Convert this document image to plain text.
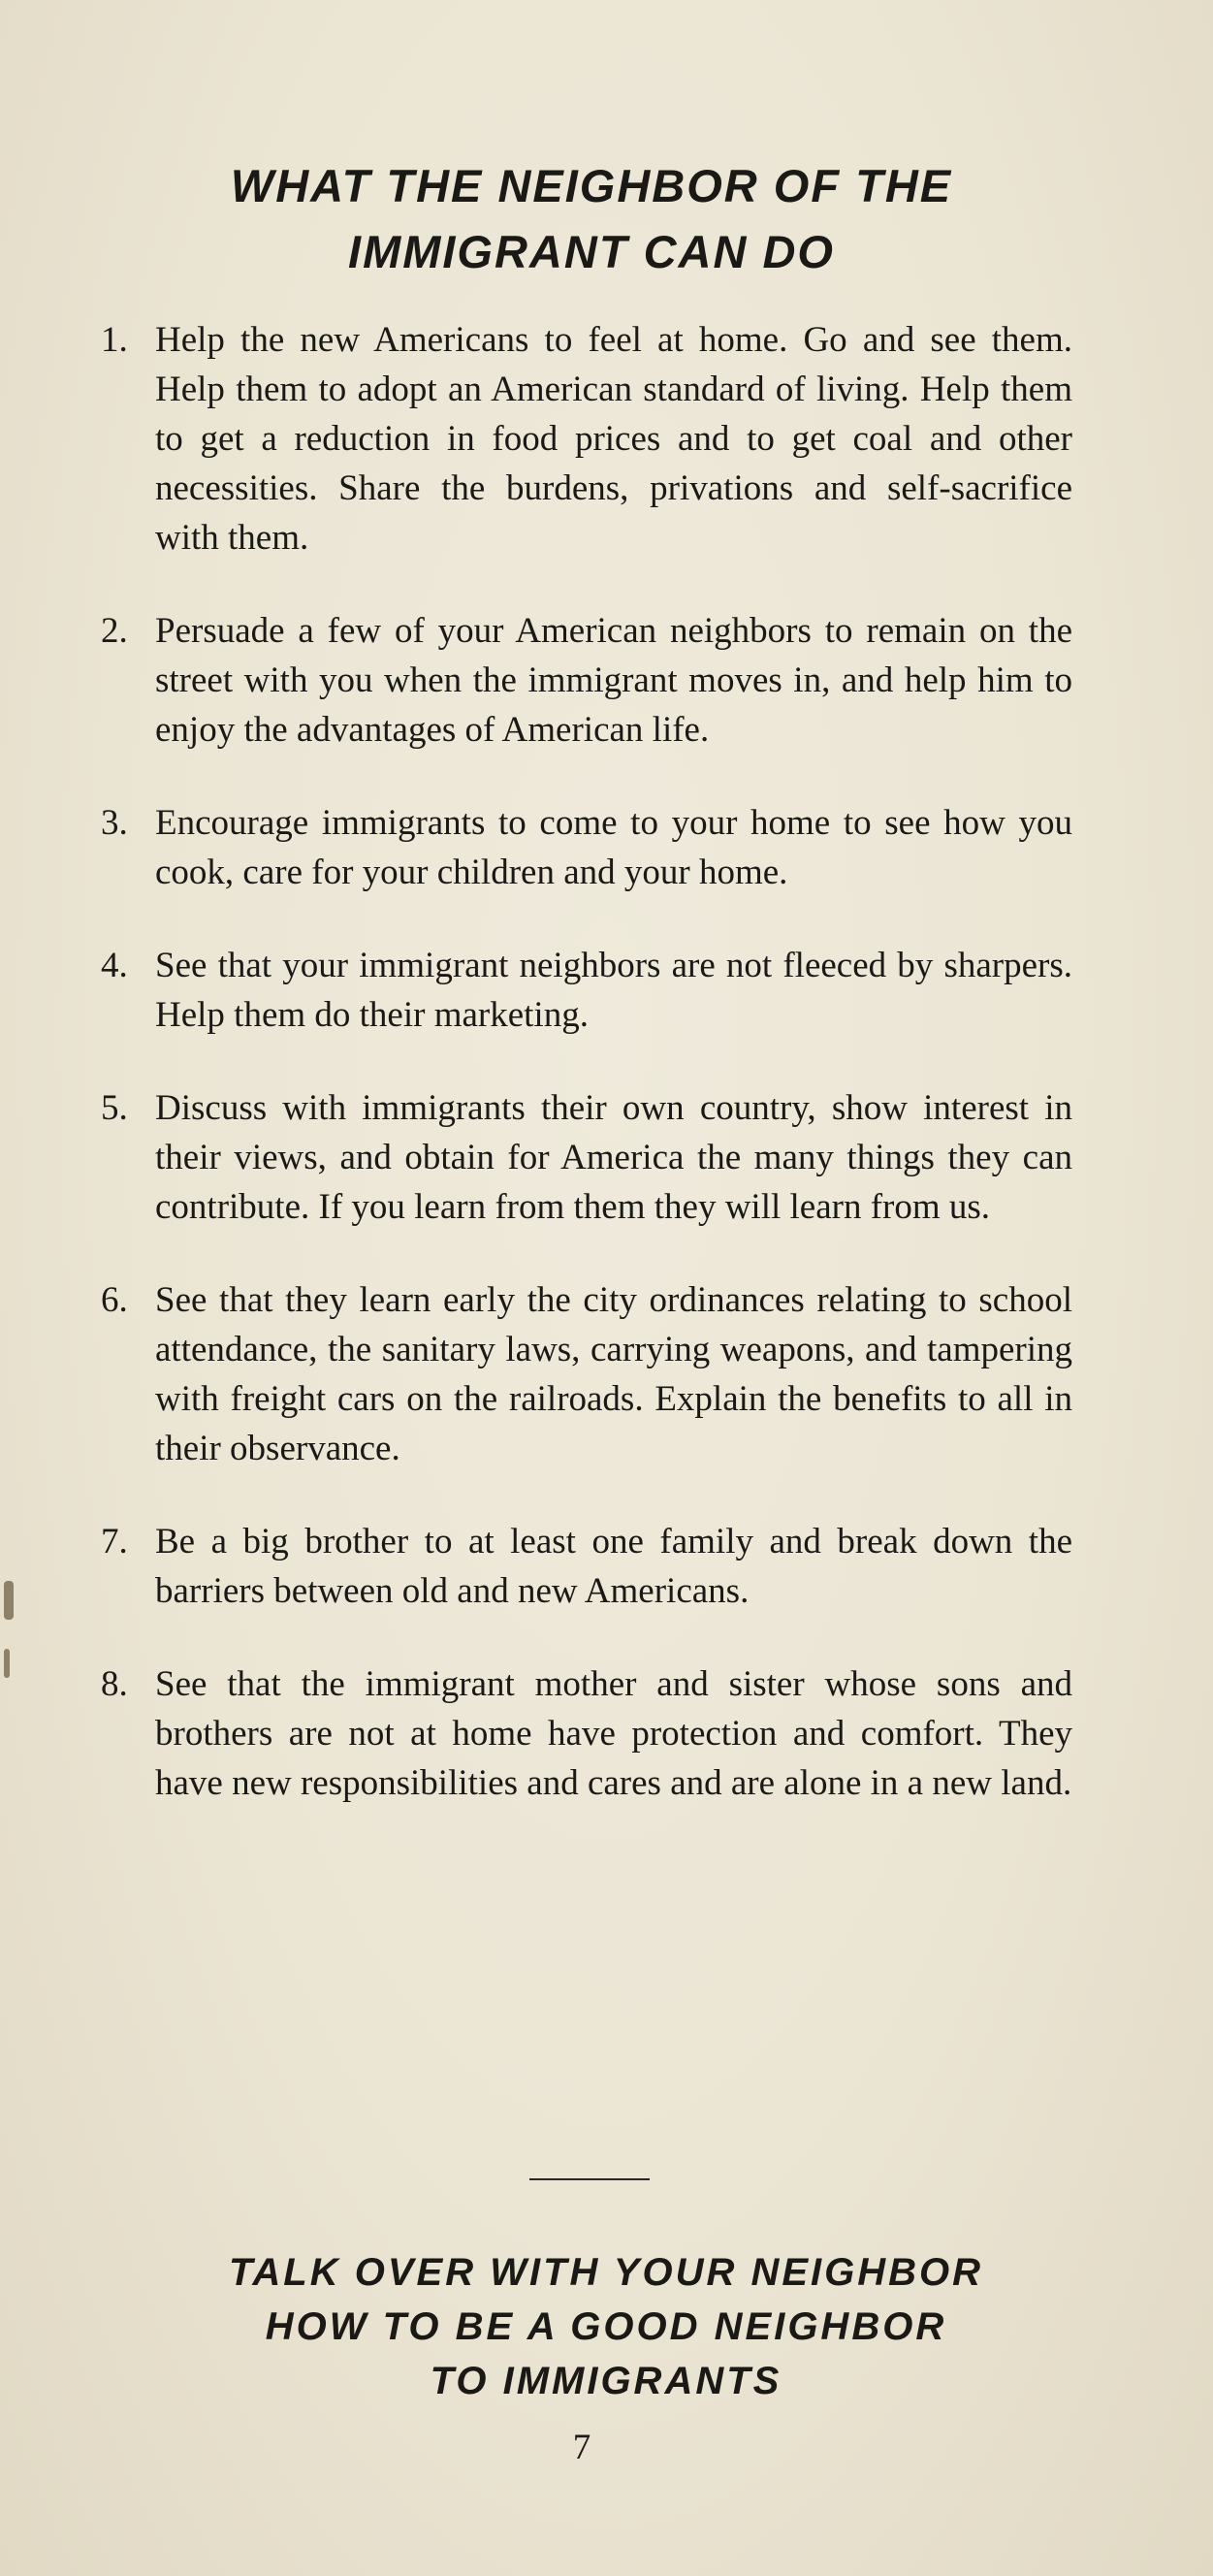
WHAT THE NEIGHBOR OF THE
IMMIGRANT CAN DO
1. Help the new Americans to feel at home. Go and see them. Help them to adopt an American standard of living. Help them to get a reduction in food prices and to get coal and other necessities. Share the burdens, privations and self-sacrifice with them.
2. Persuade a few of your American neighbors to remain on the street with you when the immigrant moves in, and help him to enjoy the advantages of American life.
3. Encourage immigrants to come to your home to see how you cook, care for your children and your home.
4. See that your immigrant neighbors are not fleeced by sharpers. Help them do their marketing.
5. Discuss with immigrants their own country, show interest in their views, and obtain for America the many things they can contribute. If you learn from them they will learn from us.
6. See that they learn early the city ordinances relating to school attendance, the sanitary laws, carrying weapons, and tampering with freight cars on the railroads. Explain the benefits to all in their observance.
7. Be a big brother to at least one family and break down the barriers between old and new Americans.
8. See that the immigrant mother and sister whose sons and brothers are not at home have protection and comfort. They have new responsibilities and cares and are alone in a new land.
TALK OVER WITH YOUR NEIGHBOR
HOW TO BE A GOOD NEIGHBOR
TO IMMIGRANTS
7
